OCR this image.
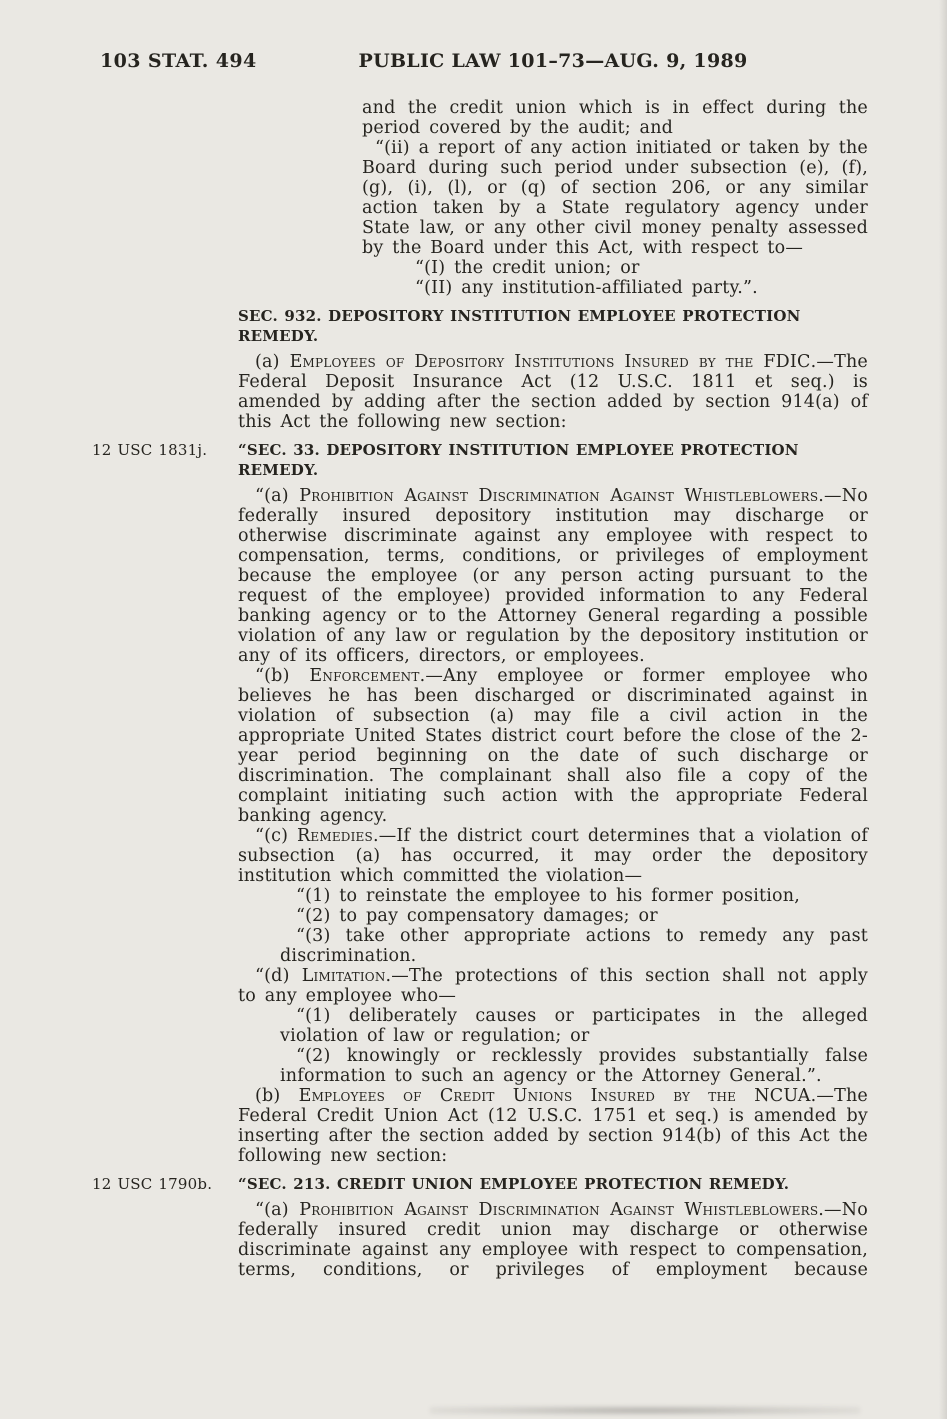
103 STAT. 494	PUBLIC LAW 101–73—AUG. 9, 1989
and the credit union which is in effect during the period covered by the audit; and
“(ii) a report of any action initiated or taken by the Board during such period under subsection (e), (f), (g), (i), (l), or (q) of section 206, or any similar action taken by a State regulatory agency under State law, or any other civil money penalty assessed by the Board under this Act, with respect to—
“(I) the credit union; or
“(II) any institution-affiliated party.”.
SEC. 932. DEPOSITORY INSTITUTION EMPLOYEE PROTECTION REMEDY.
(a) Employees of Depository Institutions Insured by the FDIC.—The Federal Deposit Insurance Act (12 U.S.C. 1811 et seq.) is amended by adding after the section added by section 914(a) of this Act the following new section:
12 USC 1831j.	“SEC. 33. DEPOSITORY INSTITUTION EMPLOYEE PROTECTION REMEDY.
“(a) Prohibition Against Discrimination Against Whistleblowers.—No federally insured depository institution may discharge or otherwise discriminate against any employee with respect to compensation, terms, conditions, or privileges of employment because the employee (or any person acting pursuant to the request of the employee) provided information to any Federal banking agency or to the Attorney General regarding a possible violation of any law or regulation by the depository institution or any of its officers, directors, or employees.
“(b) Enforcement.—Any employee or former employee who believes he has been discharged or discriminated against in violation of subsection (a) may file a civil action in the appropriate United States district court before the close of the 2-year period beginning on the date of such discharge or discrimination. The complainant shall also file a copy of the complaint initiating such action with the appropriate Federal banking agency.
“(c) Remedies.—If the district court determines that a violation of subsection (a) has occurred, it may order the depository institution which committed the violation—
“(1) to reinstate the employee to his former position,
“(2) to pay compensatory damages; or
“(3) take other appropriate actions to remedy any past discrimination.
“(d) Limitation.—The protections of this section shall not apply to any employee who—
“(1) deliberately causes or participates in the alleged violation of law or regulation; or
“(2) knowingly or recklessly provides substantially false information to such an agency or the Attorney General.”.
(b) Employees of Credit Unions Insured by the NCUA.—The Federal Credit Union Act (12 U.S.C. 1751 et seq.) is amended by inserting after the section added by section 914(b) of this Act the following new section:
12 USC 1790b.	“SEC. 213. CREDIT UNION EMPLOYEE PROTECTION REMEDY.
“(a) Prohibition Against Discrimination Against Whistleblowers.—No federally insured credit union may discharge or otherwise discriminate against any employee with respect to compensation, terms, conditions, or privileges of employment because
